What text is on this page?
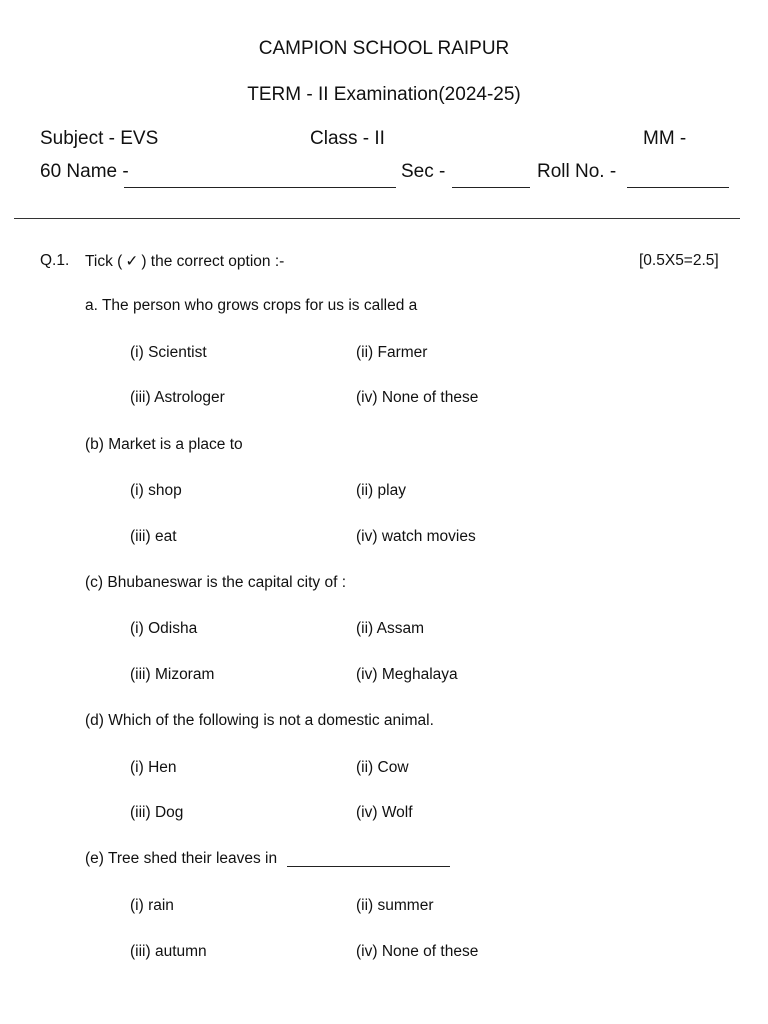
CAMPION SCHOOL RAIPUR
TERM - II Examination(2024-25)
Subject - EVS	Class - II	MM -
60 Name -	Sec -	Roll No. -
Q.1. Tick ( ✓ ) the correct option :-	[0.5X5=2.5]
a. The person who grows crops for us is called a
(i) Scientist	(ii) Farmer
(iii) Astrologer	(iv) None of these
(b) Market is a place to
(i) shop	(ii) play
(iii) eat	(iv) watch movies
(c) Bhubaneswar is the capital city of :
(i) Odisha	(ii) Assam
(iii) Mizoram	(iv) Meghalaya
(d) Which of the following is not a domestic animal.
(i) Hen	(ii) Cow
(iii) Dog	(iv) Wolf
(e) Tree shed their leaves in
(i) rain	(ii) summer
(iii) autumn	(iv) None of these
